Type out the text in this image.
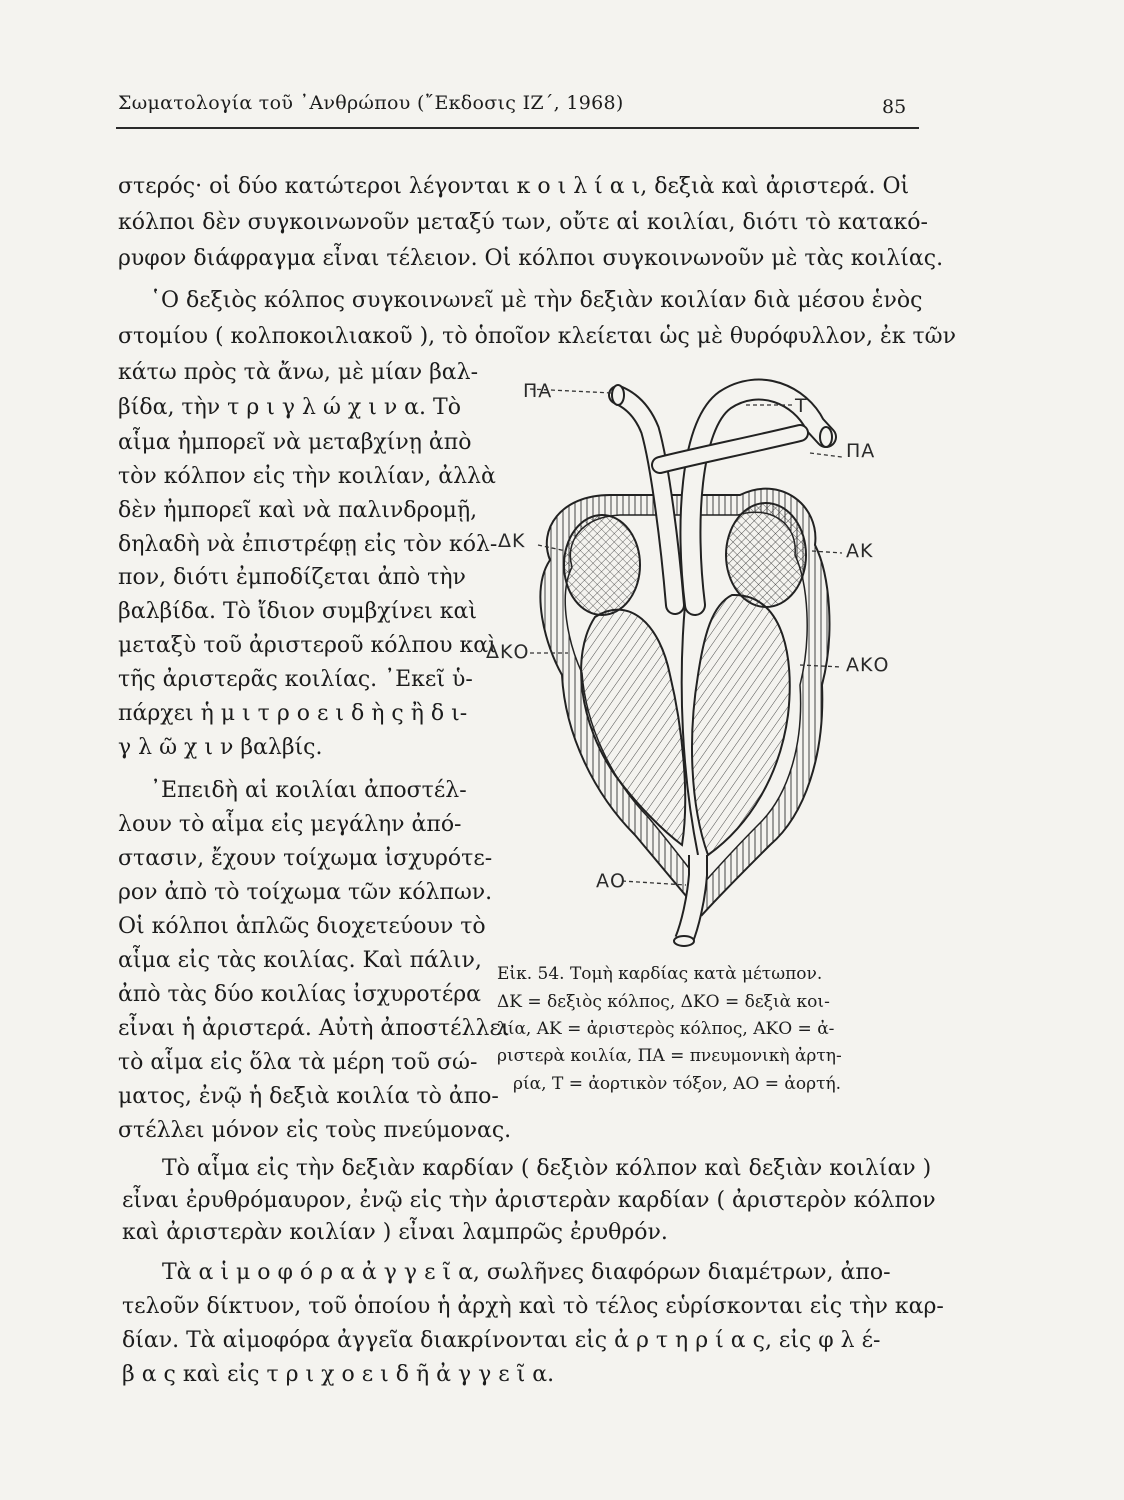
Σωματολογία τοῦ ᾿Ανθρώπου (῎Εκδοσις ΙΖ΄, 1968)	85
στερός· οἱ δύο κατώτεροι λέγονται κ ο ι λ ί α ι, δεξιὰ καὶ ἀριστερά. Οἱ
κόλποι δὲν συγκοινωνοῦν μεταξύ των, οὔτε αἱ κοιλίαι, διότι τὸ κατακό-
ρυφον διάφραγμα εἶναι τέλειον. Οἱ κόλποι συγκοινωνοῦν μὲ τὰς κοιλίας.
῾Ο δεξιὸς κόλπος συγκοινωνεῖ μὲ τὴν δεξιὰν κοιλίαν διὰ μέσου ἑνὸς
στομίου ( κολποκοιλιακοῦ ), τὸ ὁποῖον κλείεται ὡς μὲ θυρόφυλλον, ἐκ τῶν
κάτω πρὸς τὰ ἄνω, μὲ μίαν βαλ-
βίδα, τὴν τ ρ ι γ λ ώ χ ι ν α. Τὸ
αἷμα ἠμπορεῖ νὰ μεταβχίνῃ ἀπὸ
τὸν κόλπον εἰς τὴν κοιλίαν, ἀλλὰ
δὲν ἠμπορεῖ καὶ νὰ παλινδρομῇ,
δηλαδὴ νὰ ἐπιστρέφῃ εἰς τὸν κόλ-
πον, διότι ἐμποδίζεται ἀπὸ τὴν
βαλβίδα. Τὸ ἴδιον συμβχίνει καὶ
μεταξὺ τοῦ ἀριστεροῦ κόλπου καὶ
τῆς ἀριστερᾶς κοιλίας. ᾿Εκεῖ ὑ-
πάρχει ἡ μ ι τ ρ ο ε ι δ ὴ ς ἢ δ ι-
γ λ ῶ χ ι ν βαλβίς.
᾿Επειδὴ αἱ κοιλίαι ἀποστέλ-
λουν τὸ αἷμα εἰς μεγάλην ἀπό-
στασιν, ἔχουν τοίχωμα ἰσχυρότε-
ρον ἀπὸ τὸ τοίχωμα τῶν κόλπων.
Οἱ κόλποι ἁπλῶς διοχετεύουν τὸ
αἷμα εἰς τὰς κοιλίας. Καὶ πάλιν,
ἀπὸ τὰς δύο κοιλίας ἰσχυροτέρα
εἶναι ἡ ἀριστερά. Αὐτὴ ἀποστέλλει
τὸ αἷμα εἰς ὅλα τὰ μέρη τοῦ σώ-
ματος, ἐνῷ ἡ δεξιὰ κοιλία τὸ ἀπο-
στέλλει μόνον εἰς τοὺς πνεύμονας.
ΠΑ
Τ
ΠΑ
ΔΚ	ΑΚ
ΔΚΟ
ΑΚΟ
ΑΟ
Εἰκ. 54. Τομὴ καρδίας κατὰ μέτωπον.
ΔΚ = δεξιὸς κόλπος, ΔΚΟ = δεξιὰ κοι-
λία, ΑΚ = ἀριστερὸς κόλπος, ΑΚΟ = ἀ-
ριστερὰ κοιλία, ΠΑ = πνευμονικὴ ἀρτη-
ρία, Τ = ἀορτικὸν τόξον, ΑΟ = ἀορτή.
Τὸ αἷμα εἰς τὴν δεξιὰν καρδίαν ( δεξιὸν κόλπον καὶ δεξιὰν κοιλίαν )
εἶναι ἐρυθρόμαυρον, ἐνῷ εἰς τὴν ἀριστερὰν καρδίαν ( ἀριστερὸν κόλπον
καὶ ἀριστερὰν κοιλίαν ) εἶναι λαμπρῶς ἐρυθρόν.
Τὰ α ἱ μ ο φ ό ρ α ἀ γ γ ε ῖ α, σωλῆνες διαφόρων διαμέτρων, ἀπο-
τελοῦν δίκτυον, τοῦ ὁποίου ἡ ἀρχὴ καὶ τὸ τέλος εὑρίσκονται εἰς τὴν καρ-
δίαν. Τὰ αἱμοφόρα ἀγγεῖα διακρίνονται εἰς ἀ ρ τ η ρ ί α ς, εἰς φ λ έ-
β α ς καὶ εἰς τ ρ ι χ ο ε ι δ ῆ ἀ γ γ ε ῖ α.
